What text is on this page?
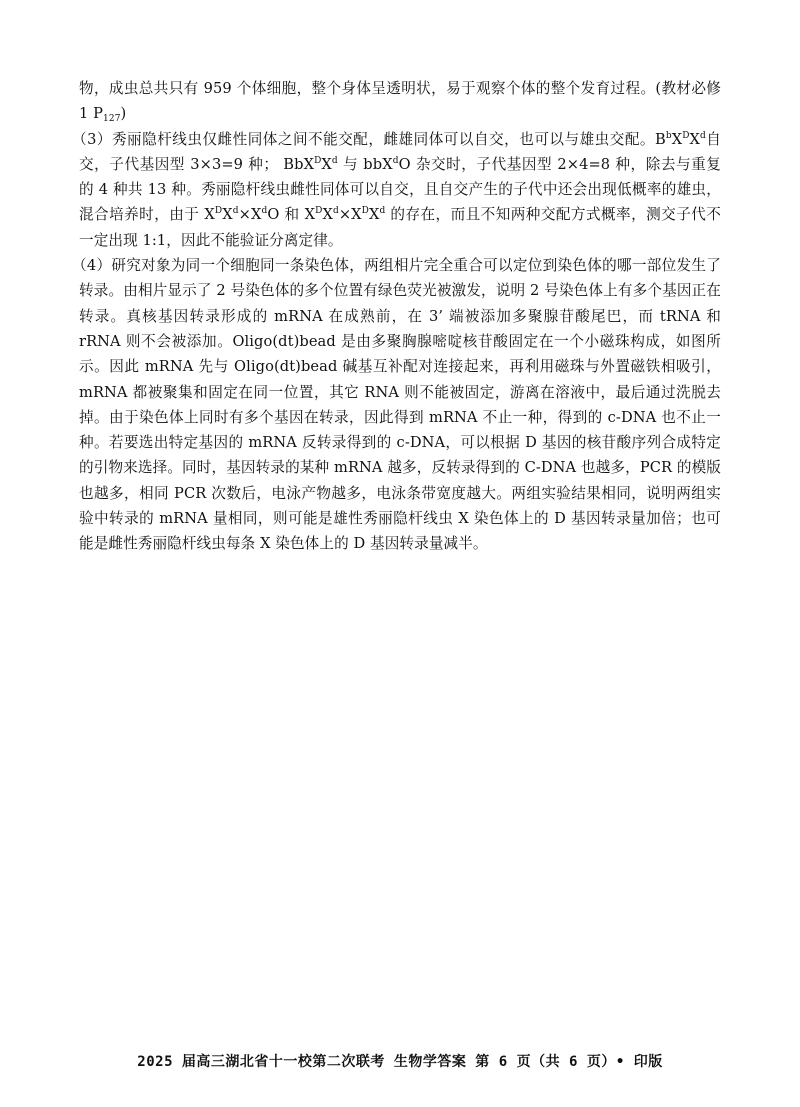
物，成虫总共只有 959 个体细胞，整个身体呈透明状，易于观察个体的整个发育过程。(教材必修 1 $P_{127}$)

（3）秀丽隐杆线虫仅雌性同体之间不能交配，雌雄同体可以自交，也可以与雄虫交配。$B^bX^DX^d$自交，子代基因型 3×3=9 种； $BbX^DX^d$ 与 bbX$^d$O 杂交时，子代基因型 2×4=8 种，除去与重复的 4 种共 13 种。秀丽隐杆线虫雌性同体可以自交，且自交产生的子代中还会出现低概率的雄虫，混合培养时，由于 $X^DX^d\times X^dO$ 和 $X^DX^d\times X^DX^d$ 的存在，而且不知两种交配方式概率，测交子代不一定出现 1:1，因此不能验证分离定律。

（4）研究对象为同一个细胞同一条染色体，两组相片完全重合可以定位到染色体的哪一部位发生了转录。由相片显示了 2 号染色体的多个位置有绿色荧光被激发，说明 2 号染色体上有多个基因正在转录。真核基因转录形成的 mRNA 在成熟前，在 3’ 端被添加多聚腺苷酸尾巴，而 tRNA 和 rRNA 则不会被添加。Oligo(dt)bead 是由多聚胸腺嘧啶核苷酸固定在一个小磁珠构成，如图所示。因此 mRNA 先与 Oligo(dt)bead 碱基互补配对连接起来，再利用磁珠与外置磁铁相吸引，mRNA 都被聚集和固定在同一位置，其它 RNA 则不能被固定，游离在溶液中，最后通过洗脱去掉。由于染色体上同时有多个基因在转录，因此得到 mRNA 不止一种，得到的 c-DNA 也不止一种。若要选出特定基因的 mRNA 反转录得到的 c-DNA，可以根据 D 基因的核苷酸序列合成特定的引物来选择。同时，基因转录的某种 mRNA 越多，反转录得到的 C-DNA 也越多，PCR 的模版也越多，相同 PCR 次数后，电泳产物越多，电泳条带宽度越大。两组实验结果相同，说明两组实验中转录的 mRNA 量相同，则可能是雄性秀丽隐杆线虫 X 染色体上的 D 基因转录量加倍；也可能是雌性秀丽隐杆线虫每条 X 染色体上的 D 基因转录量减半。

2025 届高三湖北省十一校第二次联考 生物学答案 第 6 页（共 6 页）• 印版
